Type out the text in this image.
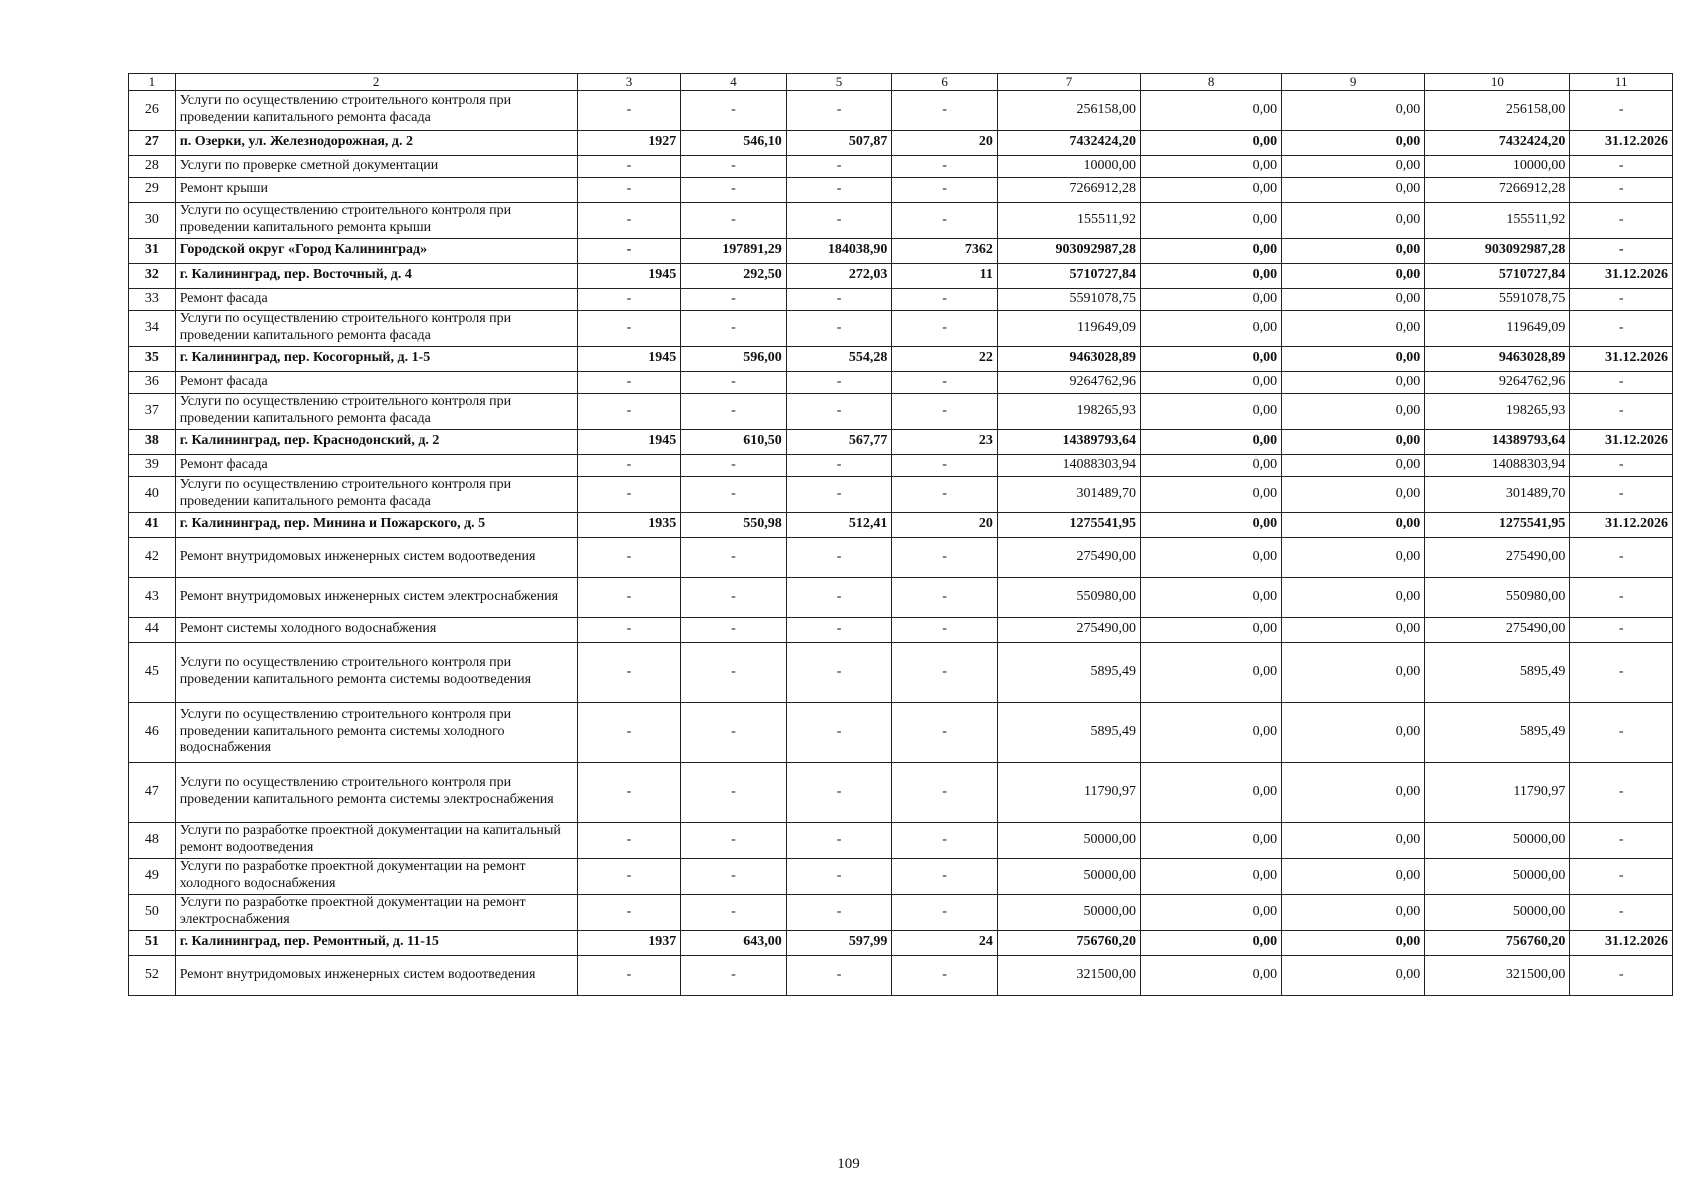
1	2	3	4	5	6	7	8	9	10	11
26	Услуги по осуществлению строительного контроля при проведении капитального ремонта фасада	-	-	-	-	256158,00	0,00	0,00	256158,00	-
27	п. Озерки, ул. Железнодорожная, д. 2	1927	546,10	507,87	20	7432424,20	0,00	0,00	7432424,20	31.12.2026
28	Услуги по проверке сметной документации	-	-	-	-	10000,00	0,00	0,00	10000,00	-
29	Ремонт крыши	-	-	-	-	7266912,28	0,00	0,00	7266912,28	-
30	Услуги по осуществлению строительного контроля при проведении капитального ремонта крыши	-	-	-	-	155511,92	0,00	0,00	155511,92	-
31	Городской округ «Город Калининград»	-	197891,29	184038,90	7362	903092987,28	0,00	0,00	903092987,28	-
32	г. Калининград, пер. Восточный, д. 4	1945	292,50	272,03	11	5710727,84	0,00	0,00	5710727,84	31.12.2026
33	Ремонт фасада	-	-	-	-	5591078,75	0,00	0,00	5591078,75	-
34	Услуги по осуществлению строительного контроля при проведении капитального ремонта фасада	-	-	-	-	119649,09	0,00	0,00	119649,09	-
35	г. Калининград, пер. Косогорный, д. 1-5	1945	596,00	554,28	22	9463028,89	0,00	0,00	9463028,89	31.12.2026
36	Ремонт фасада	-	-	-	-	9264762,96	0,00	0,00	9264762,96	-
37	Услуги по осуществлению строительного контроля при проведении капитального ремонта фасада	-	-	-	-	198265,93	0,00	0,00	198265,93	-
38	г. Калининград, пер. Краснодонский, д. 2	1945	610,50	567,77	23	14389793,64	0,00	0,00	14389793,64	31.12.2026
39	Ремонт фасада	-	-	-	-	14088303,94	0,00	0,00	14088303,94	-
40	Услуги по осуществлению строительного контроля при проведении капитального ремонта фасада	-	-	-	-	301489,70	0,00	0,00	301489,70	-
41	г. Калининград, пер. Минина и Пожарского, д. 5	1935	550,98	512,41	20	1275541,95	0,00	0,00	1275541,95	31.12.2026
42	Ремонт внутридомовых инженерных систем водоотведения	-	-	-	-	275490,00	0,00	0,00	275490,00	-
43	Ремонт внутридомовых инженерных систем электроснабжения	-	-	-	-	550980,00	0,00	0,00	550980,00	-
44	Ремонт системы холодного водоснабжения	-	-	-	-	275490,00	0,00	0,00	275490,00	-
45	Услуги по осуществлению строительного контроля при проведении капитального ремонта системы водоотведения	-	-	-	-	5895,49	0,00	0,00	5895,49	-
46	Услуги по осуществлению строительного контроля при проведении капитального ремонта системы холодного водоснабжения	-	-	-	-	5895,49	0,00	0,00	5895,49	-
47	Услуги по осуществлению строительного контроля при проведении капитального ремонта системы электроснабжения	-	-	-	-	11790,97	0,00	0,00	11790,97	-
48	Услуги по разработке проектной документации на капитальный ремонт водоотведения	-	-	-	-	50000,00	0,00	0,00	50000,00	-
49	Услуги по разработке проектной документации на ремонт холодного водоснабжения	-	-	-	-	50000,00	0,00	0,00	50000,00	-
50	Услуги по разработке проектной документации на ремонт электроснабжения	-	-	-	-	50000,00	0,00	0,00	50000,00	-
51	г. Калининград, пер. Ремонтный, д. 11-15	1937	643,00	597,99	24	756760,20	0,00	0,00	756760,20	31.12.2026
52	Ремонт внутридомовых инженерных систем водоотведения	-	-	-	-	321500,00	0,00	0,00	321500,00	-
109
